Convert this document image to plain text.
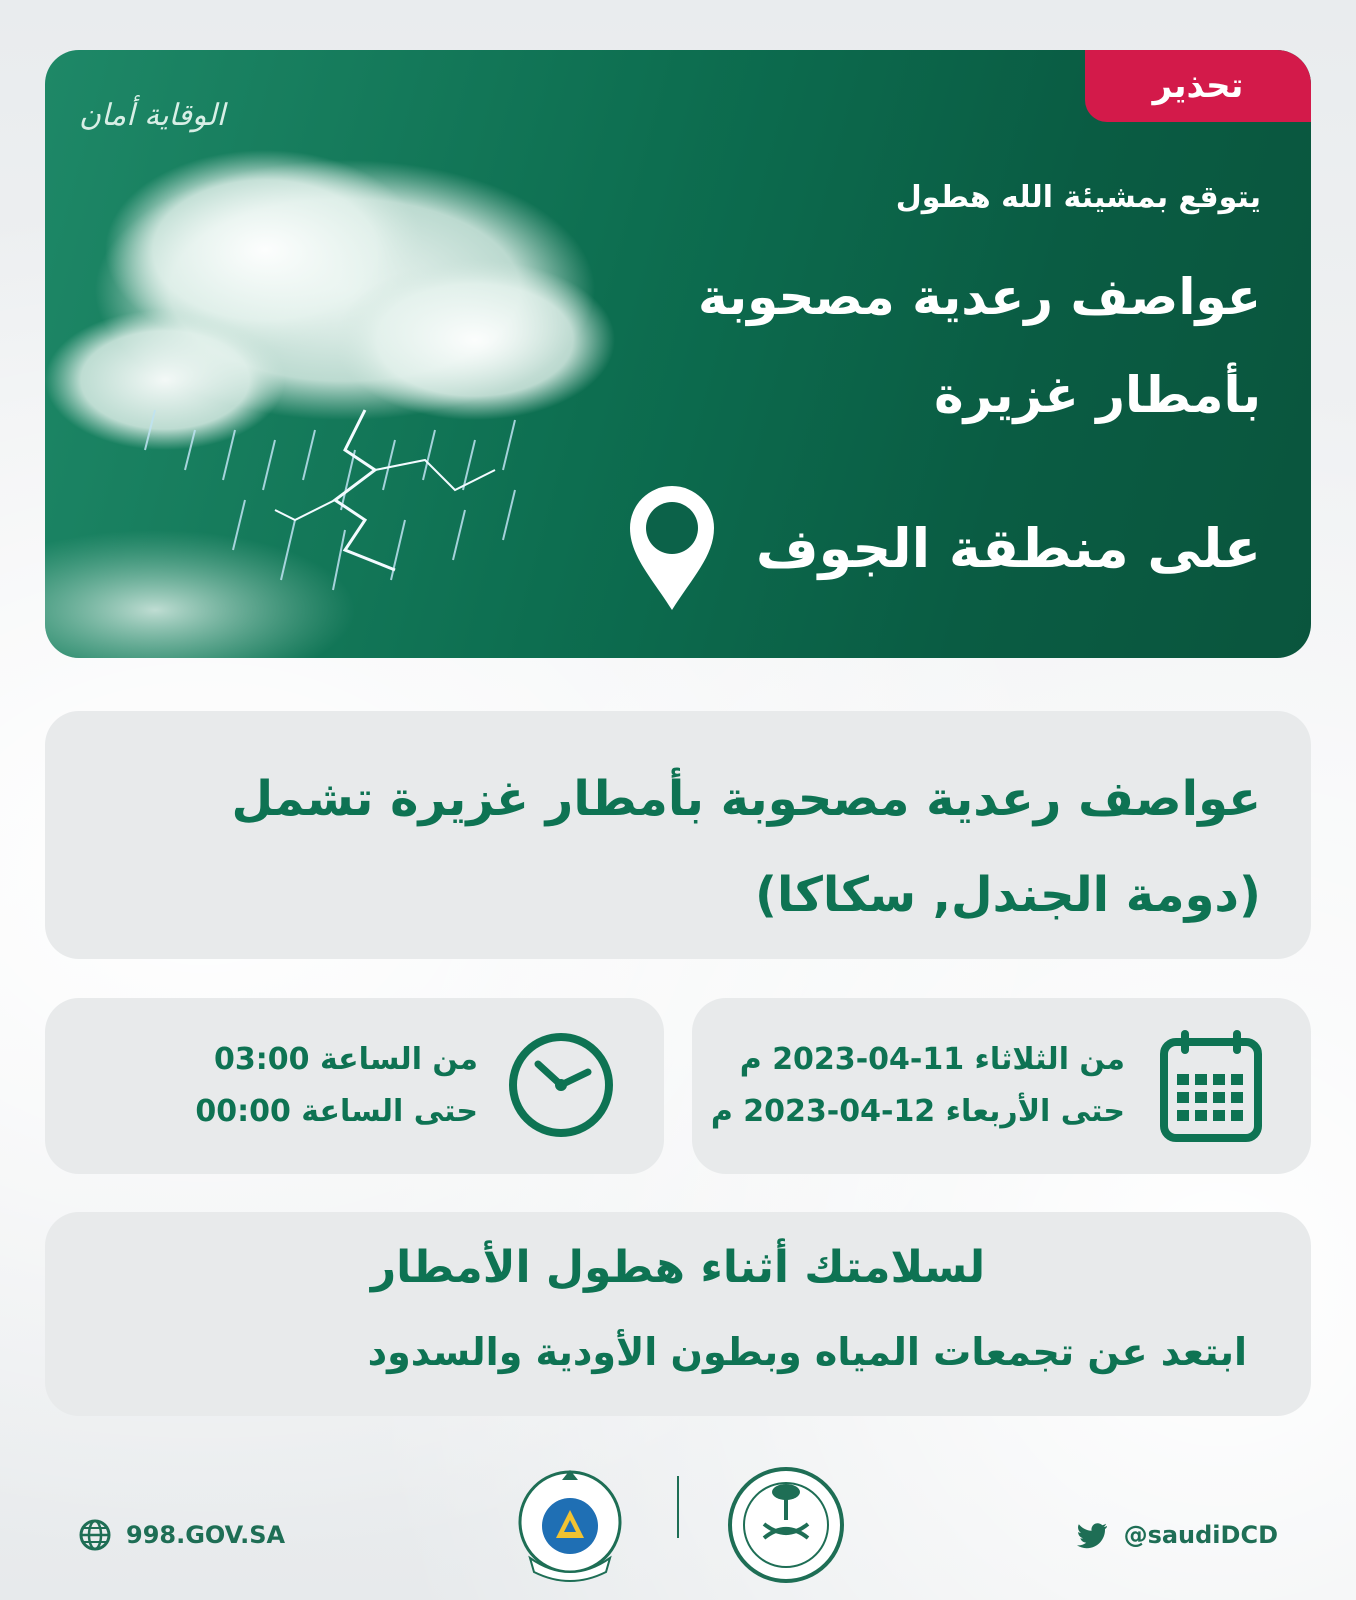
الوقاية أمان
تحذير
يتوقع بمشيئة الله هطول
عواصف رعدية مصحوبة
بأمطار غزيرة
على منطقة الجوف
عواصف رعدية مصحوبة بأمطار غزيرة تشمل
(دومة الجندل, سكاكا)
من الثلاثاء 11-04-2023 م
حتى الأربعاء 12-04-2023 م
من الساعة 03:00
حتى الساعة 00:00
لسلامتك أثناء هطول الأمطار
ابتعد عن تجمعات المياه وبطون الأودية والسدود
998.GOV.SA	@saudiDCD
